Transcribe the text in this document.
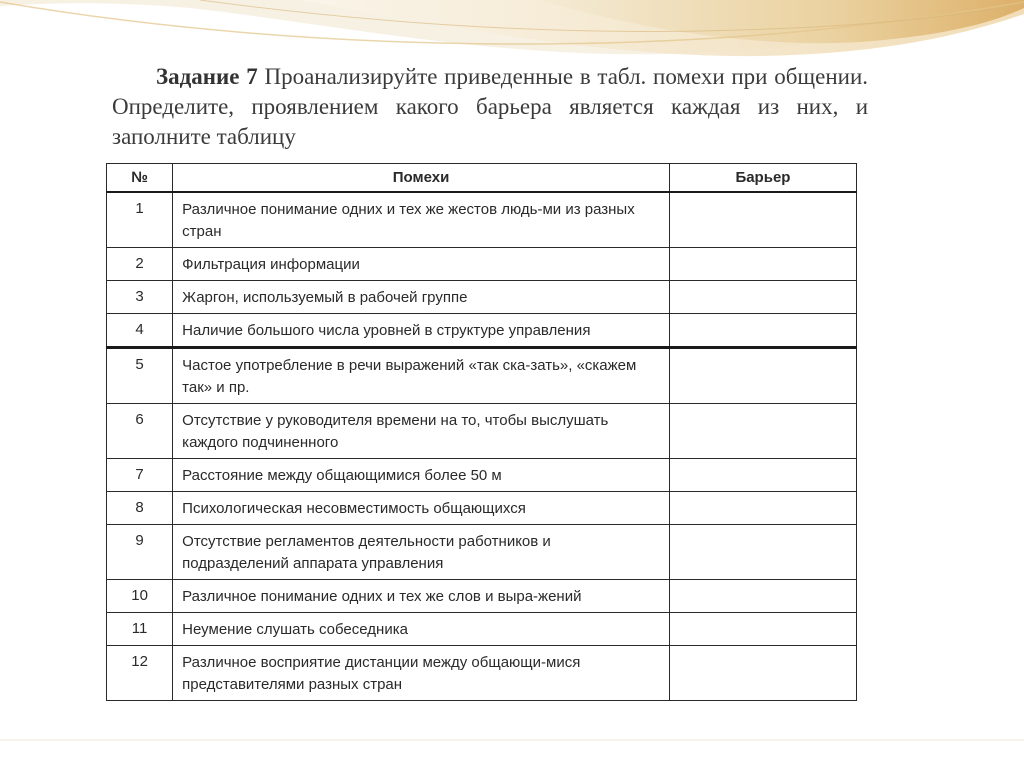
Задание 7 Проанализируйте приведенные в табл. помехи при общении. Определите, проявлением какого барьера является каждая из них, и заполните таблицу
№	Помехи	Барьер
1	Различное понимание одних и тех же жестов людь-ми из разных стран	
2	Фильтрация информации	
3	Жаргон, используемый в рабочей группе	
4	Наличие большого числа уровней в структуре управления	
5	Частое употребление в речи выражений «так ска-зать», «скажем так» и пр.	
6	Отсутствие у руководителя времени на то, чтобы выслушать каждого подчиненного	
7	Расстояние между общающимися более 50 м	
8	Психологическая несовместимость общающихся	
9	Отсутствие регламентов деятельности работников и подразделений аппарата управления	
10	Различное понимание одних и тех же слов и выра-жений	
11	Неумение слушать собеседника	
12	Различное восприятие дистанции между общающи-мися представителями разных стран	
